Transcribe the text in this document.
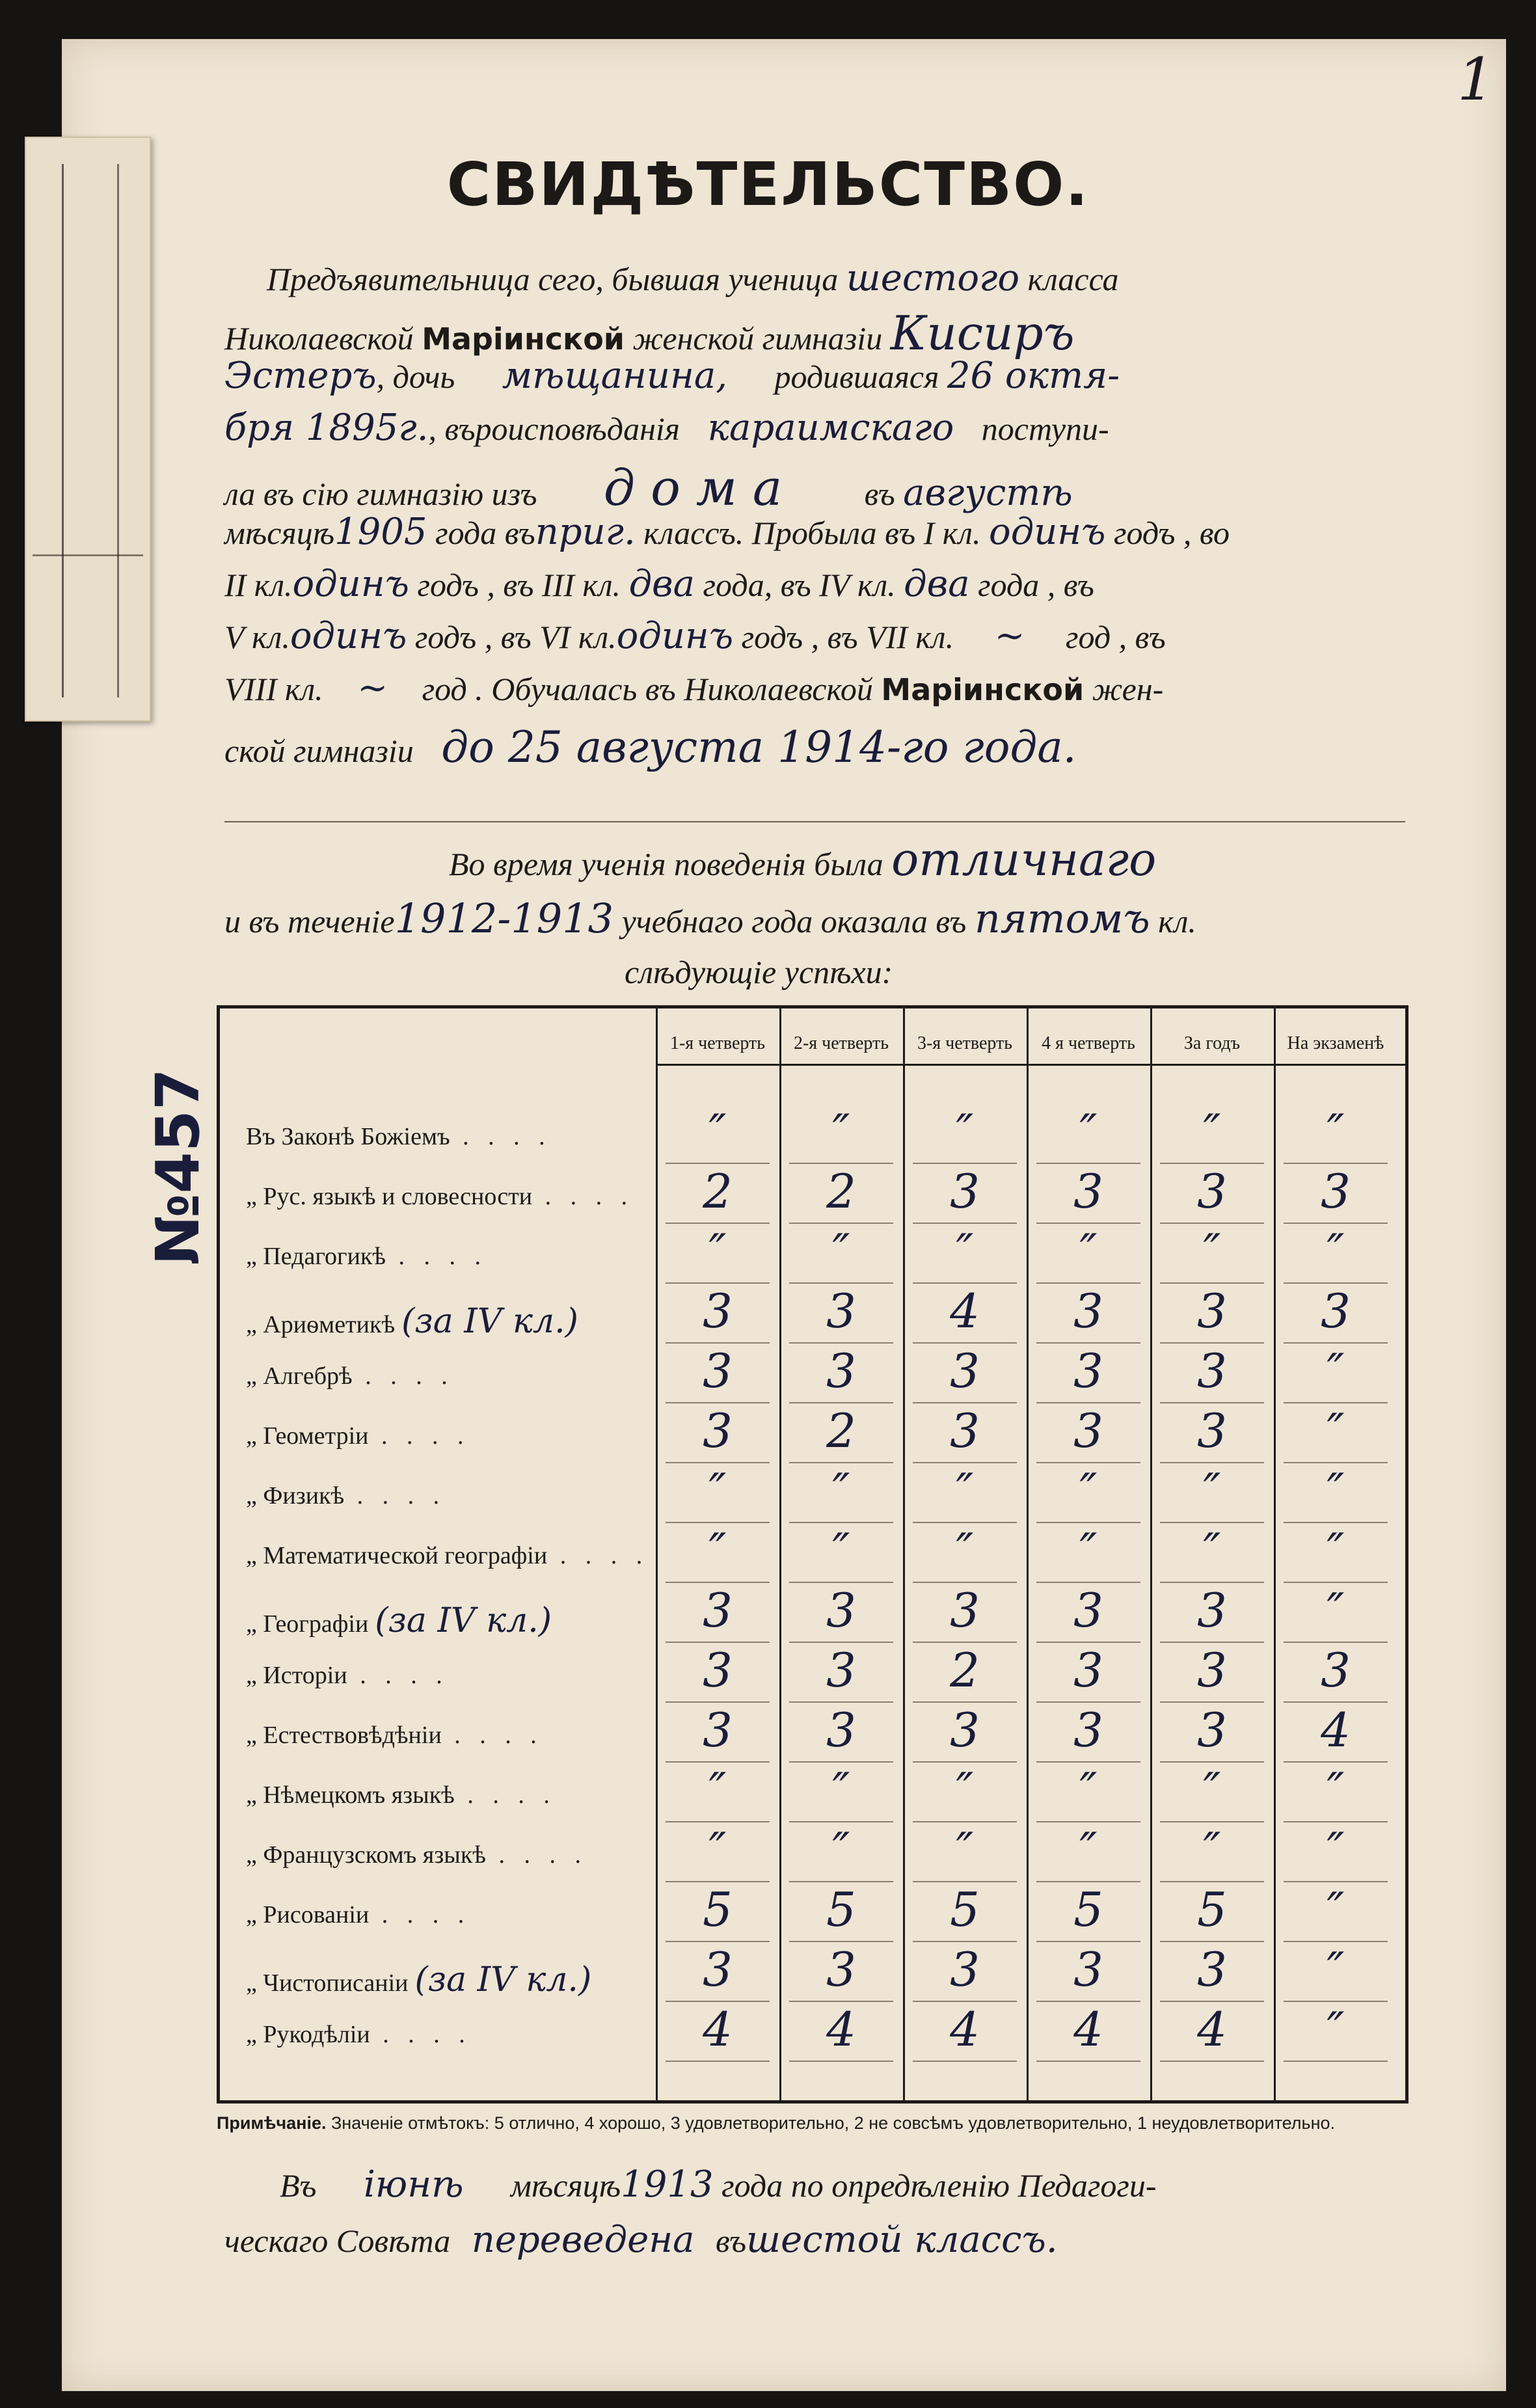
1
СВИДѢТЕЛЬСТВО.
Предъявительница сего, бывшая ученица шестого класса
Николаевской Маріинской женской гимназіи Кисиръ
Эстеръ, дочь мѣщанина, родившаяся 26 октя-
бря 1895г., въроисповѣданія караимскаго поступи-
ла въ сію гимназію изъ дома въ августѣ
мѣсяцѣ1905 года въприг. классъ. Пробыла въ I кл. одинъ годъ , во
II кл.одинъ годъ , въ III кл. два года, въ IV кл. два года , въ
V кл.одинъ годъ , въ VI кл.одинъ годъ , въ VII кл. ~ год , въ
VIII кл. ~ год . Обучалась въ Николаевской Маріинской жен-
ской гимназіи до 25 августа 1914-го года.
Во время ученія поведенія была отличнаго
и въ теченіе1912-1913 учебнаго года оказала въ пятомъ кл.
слѣдующіе успѣхи:
№457
1-я четверть	2-я четверть	3-я четверть	4 я четверть	За годъ	На экзаменѣ
Въ Законѣ Божіемъ . . . .	″	″	″	″	″	″
„ Рус. языкѣ и словесности . . . .	2	2	3	3	3	3
„ Педагогикѣ . . . .	″	″	″	″	″	″
„ Ариѳметикѣ (за IV кл.)	3	3	4	3	3	3
„ Алгебрѣ . . . .	3	3	3	3	3	″
„ Геометріи . . . .	3	2	3	3	3	″
„ Физикѣ . . . .	″	″	″	″	″	″
„ Математической географіи . . . .	″	″	″	″	″	″
„ Географіи (за IV кл.)	3	3	3	3	3	″
„ Исторіи . . . .	3	3	2	3	3	3
„ Естествовѣдѣніи . . . .	3	3	3	3	3	4
„ Нѣмецкомъ языкѣ . . . .	″	″	″	″	″	″
„ Французскомъ языкѣ . . . .	″	″	″	″	″	″
„ Рисованіи . . . .	5	5	5	5	5	″
„ Чистописаніи (за IV кл.)	3	3	3	3	3	″
„ Рукодѣліи . . . .	4	4	4	4	4	″
Примѣчаніе. Значеніе отмѣтокъ: 5 отлично, 4 хорошо, 3 удовлетворительно, 2 не совсѣмъ удовлетворительно, 1 неудовлетворительно.
Въ іюнѣ мѣсяцѣ1913 года по опредѣленію Педагоги-
ческаго Совѣта переведена въшестой классъ.
